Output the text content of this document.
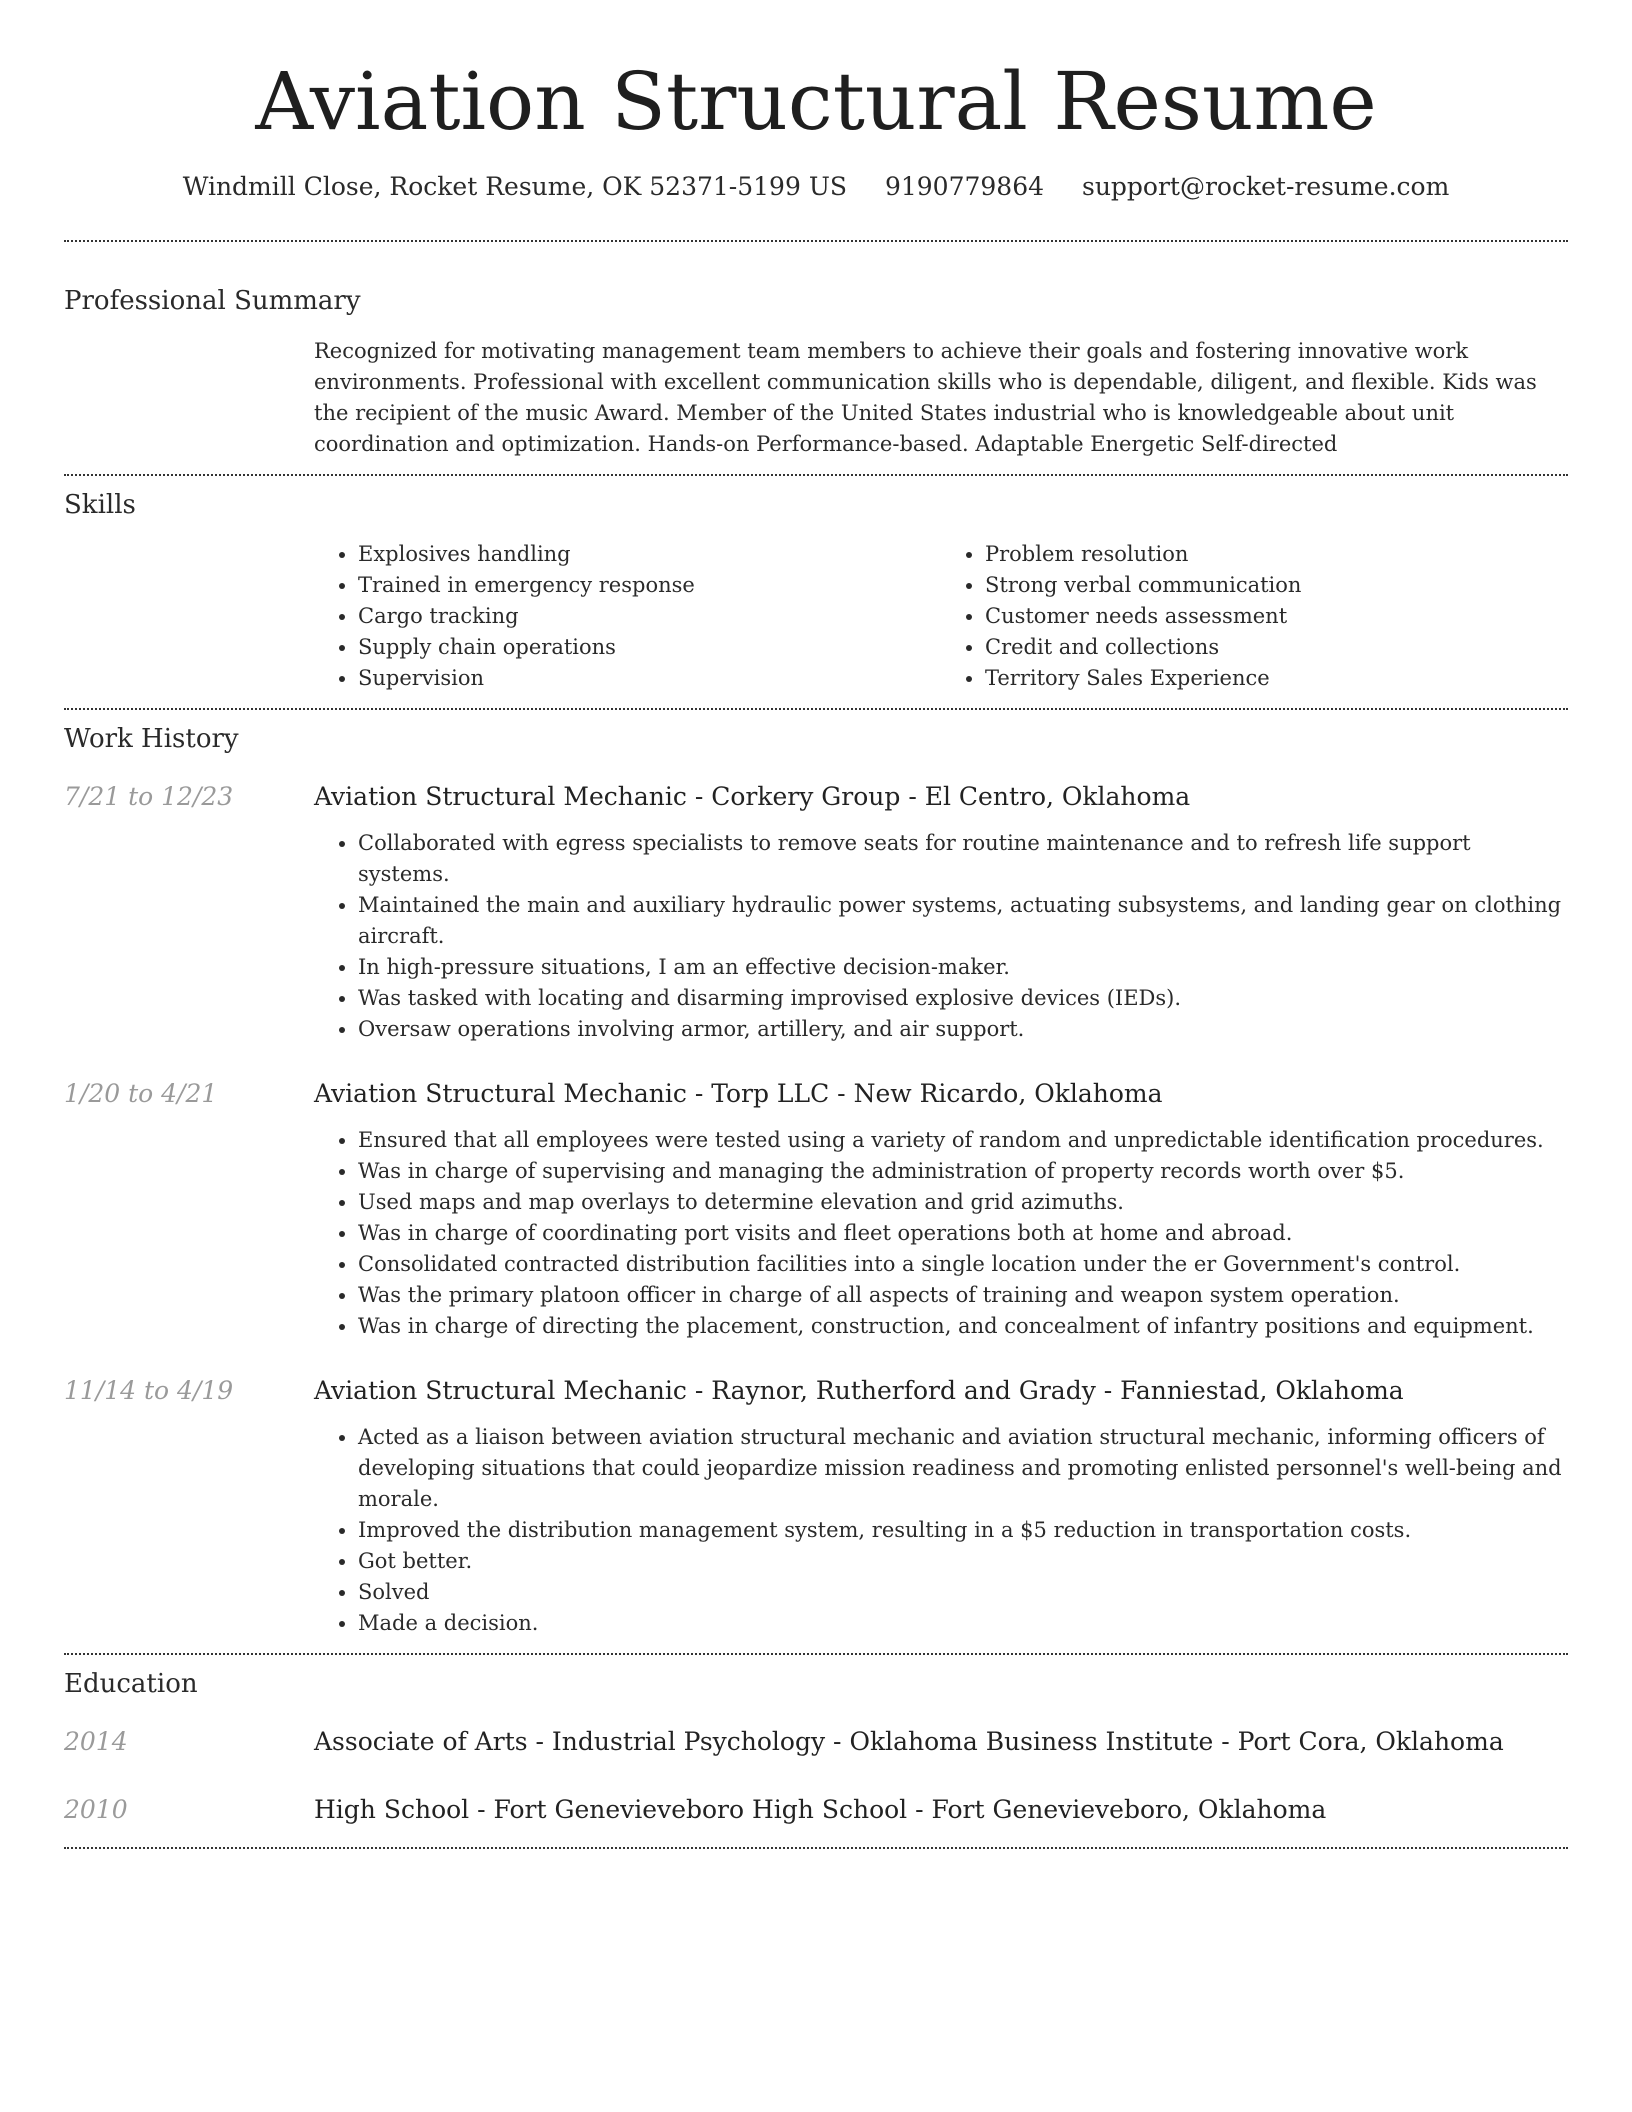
Aviation Structural Resume
Windmill Close, Rocket Resume, OK 52371-5199 US 9190779864 support@rocket-resume.com
Professional Summary
Recognized for motivating management team members to achieve their goals and fostering innovative work environments. Professional with excellent communication skills who is dependable, diligent, and flexible. Kids was the recipient of the music Award. Member of the United States industrial who is knowledgeable about unit coordination and optimization. Hands-on Performance-based. Adaptable Energetic Self-directed
Skills
• Explosives handling
• Trained in emergency response
• Cargo tracking
• Supply chain operations
• Supervision
• Problem resolution
• Strong verbal communication
• Customer needs assessment
• Credit and collections
• Territory Sales Experience
Work History
7/21 to 12/23	Aviation Structural Mechanic - Corkery Group - El Centro, Oklahoma
• Collaborated with egress specialists to remove seats for routine maintenance and to refresh life support systems.
• Maintained the main and auxiliary hydraulic power systems, actuating subsystems, and landing gear on clothing aircraft.
• In high-pressure situations, I am an effective decision-maker.
• Was tasked with locating and disarming improvised explosive devices (IEDs).
• Oversaw operations involving armor, artillery, and air support.
1/20 to 4/21	Aviation Structural Mechanic - Torp LLC - New Ricardo, Oklahoma
• Ensured that all employees were tested using a variety of random and unpredictable identification procedures.
• Was in charge of supervising and managing the administration of property records worth over $5.
• Used maps and map overlays to determine elevation and grid azimuths.
• Was in charge of coordinating port visits and fleet operations both at home and abroad.
• Consolidated contracted distribution facilities into a single location under the er Government's control.
• Was the primary platoon officer in charge of all aspects of training and weapon system operation.
• Was in charge of directing the placement, construction, and concealment of infantry positions and equipment.
11/14 to 4/19	Aviation Structural Mechanic - Raynor, Rutherford and Grady - Fanniestad, Oklahoma
• Acted as a liaison between aviation structural mechanic and aviation structural mechanic, informing officers of developing situations that could jeopardize mission readiness and promoting enlisted personnel's well-being and morale.
• Improved the distribution management system, resulting in a $5 reduction in transportation costs.
• Got better.
• Solved
• Made a decision.
Education
2014	Associate of Arts - Industrial Psychology - Oklahoma Business Institute - Port Cora, Oklahoma
2010	High School - Fort Genevieveboro High School - Fort Genevieveboro, Oklahoma
